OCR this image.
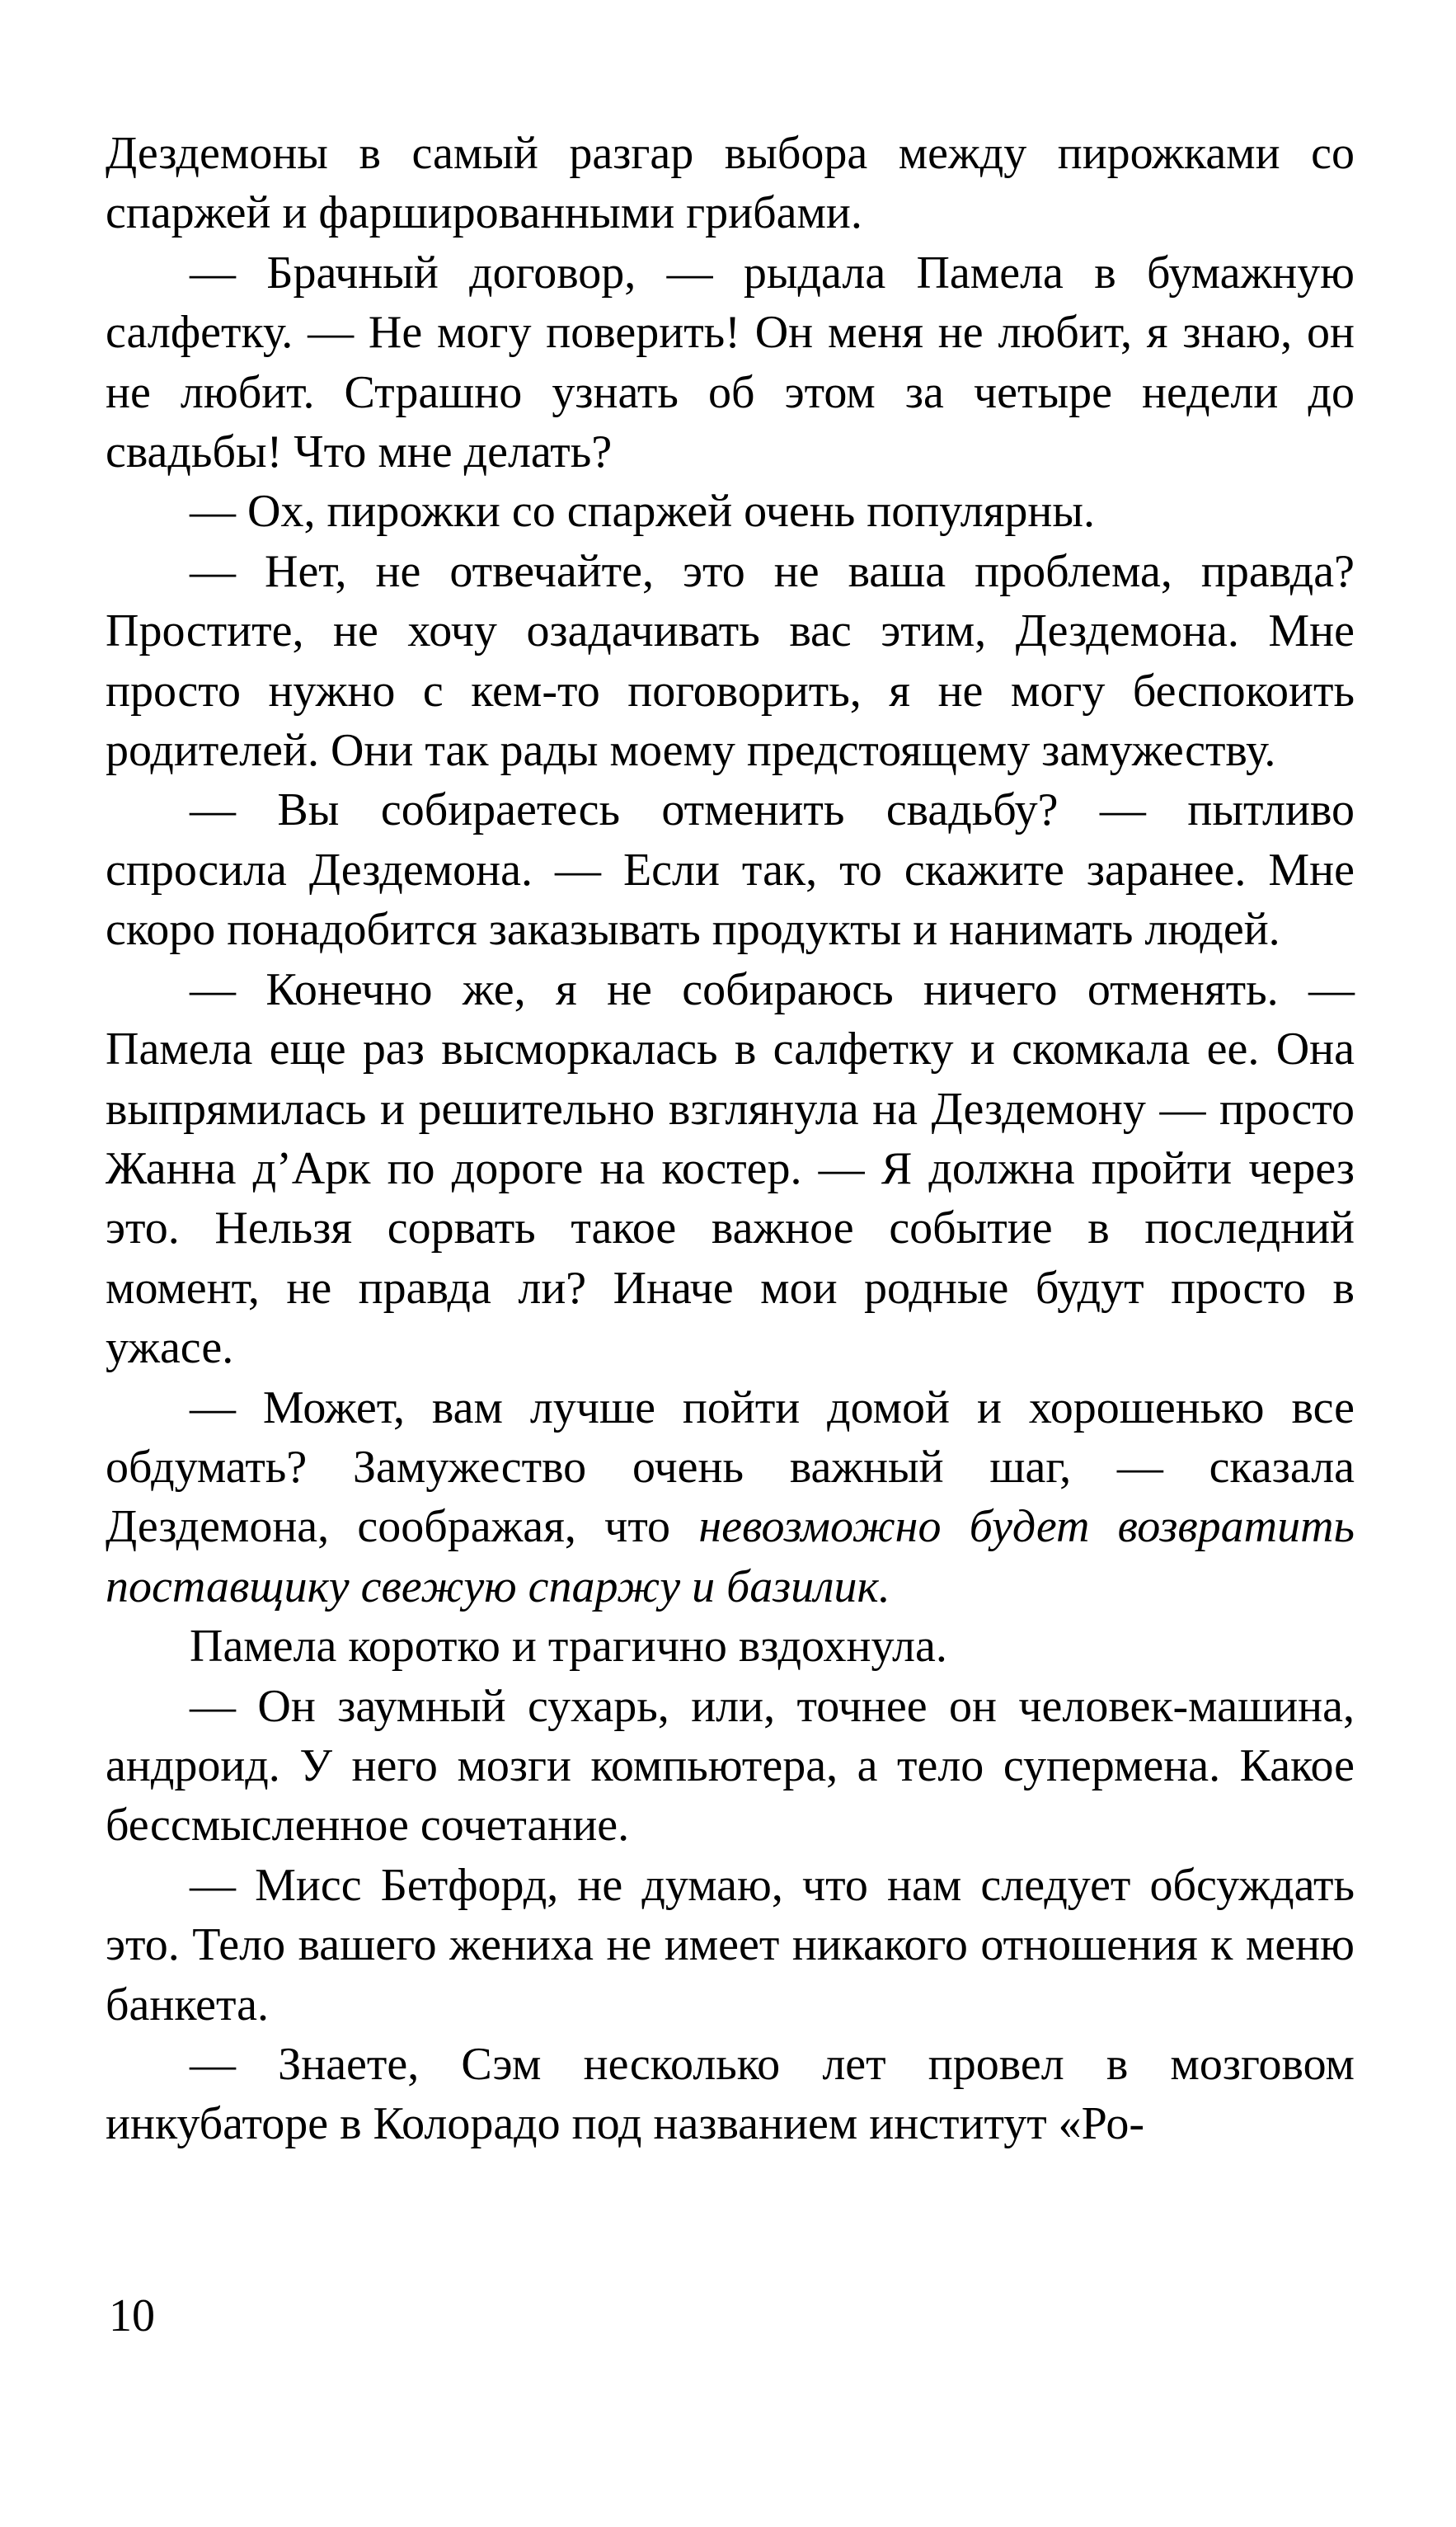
Дездемоны в самый разгар выбора между пирожками со спаржей и фаршированными грибами.

— Брачный договор, — рыдала Памела в бумажную салфетку. — Не могу поверить! Он меня не любит, я знаю, он не любит. Страшно узнать об этом за четыре недели до свадьбы! Что мне делать?

— Ох, пирожки со спаржей очень популярны.

— Нет, не отвечайте, это не ваша проблема, правда? Простите, не хочу озадачивать вас этим, Дездемона. Мне просто нужно с кем-то поговорить, я не могу беспокоить родителей. Они так рады моему предстоящему замужеству.

— Вы собираетесь отменить свадьбу? — пытливо спросила Дездемона. — Если так, то скажите заранее. Мне скоро понадобится заказывать продукты и нанимать людей.

— Конечно же, я не собираюсь ничего отменять. — Памела еще раз высморкалась в салфетку и скомкала ее. Она выпрямилась и решительно взглянула на Дездемону — просто Жанна д’Арк по дороге на костер. — Я должна пройти через это. Нельзя сорвать такое важное событие в последний момент, не правда ли? Иначе мои родные будут просто в ужасе.

— Может, вам лучше пойти домой и хорошенько все обдумать? Замужество очень важный шаг, — сказала Дездемона, соображая, что невозможно будет возвратить поставщику свежую спаржу и базилик.

Памела коротко и трагично вздохнула.

— Он заумный сухарь, или, точнее он человек-машина, андроид. У него мозги компьютера, а тело супермена. Какое бессмысленное сочетание.

— Мисс Бетфорд, не думаю, что нам следует обсуждать это. Тело вашего жениха не имеет никакого отношения к меню банкета.

— Знаете, Сэм несколько лет провел в мозговом инкубаторе в Колорадо под названием институт «Ро-

10
